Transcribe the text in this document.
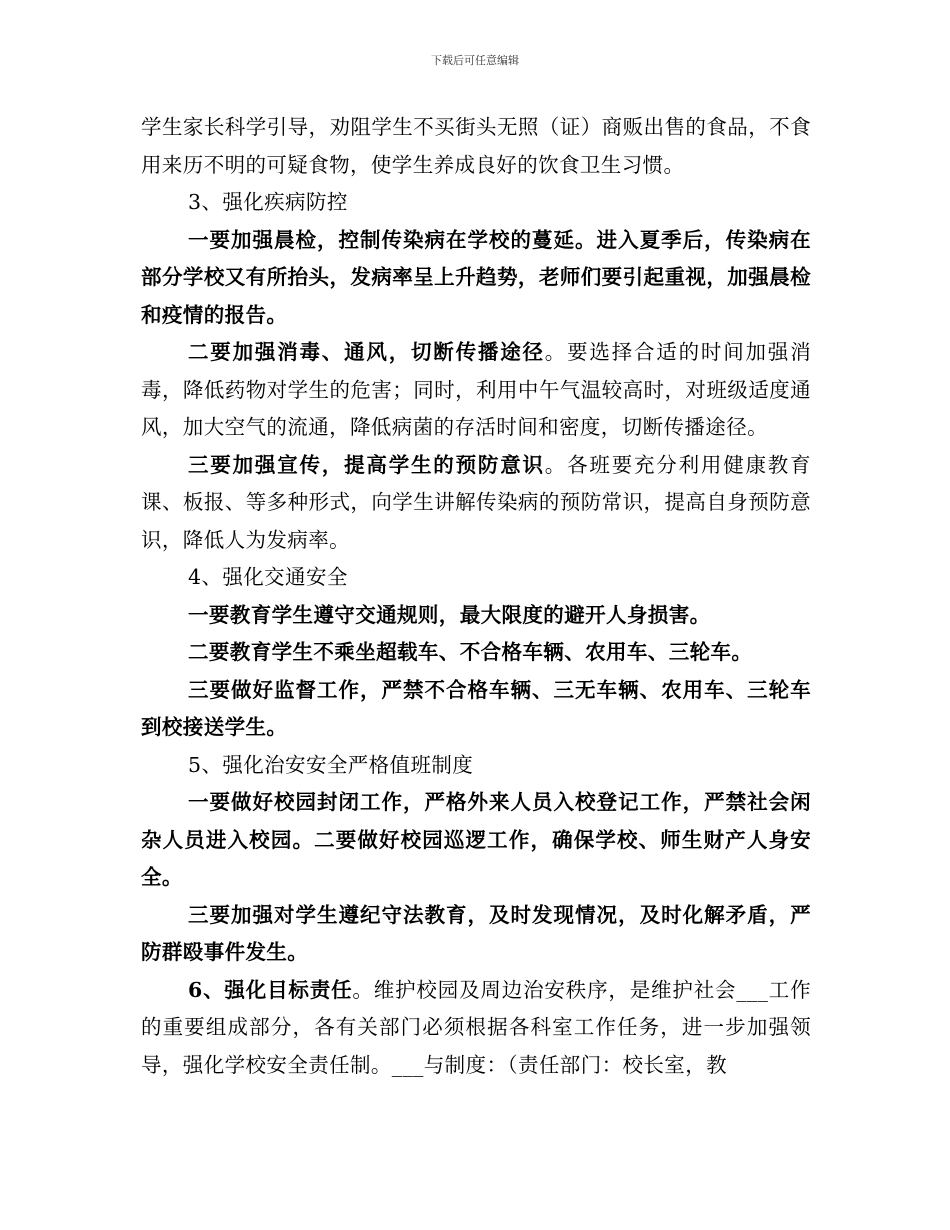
下载后可任意编辑

学生家长科学引导，劝阻学生不买街头无照（证）商贩出售的食品，不食用来历不明的可疑食物，使学生养成良好的饮食卫生习惯。

3、强化疾病防控

一要加强晨检，控制传染病在学校的蔓延。进入夏季后，传染病在部分学校又有所抬头，发病率呈上升趋势，老师们要引起重视，加强晨检和疫情的报告。

二要加强消毒、通风，切断传播途径。要选择合适的时间加强消毒，降低药物对学生的危害；同时，利用中午气温较高时，对班级适度通风，加大空气的流通，降低病菌的存活时间和密度，切断传播途径。

三要加强宣传，提高学生的预防意识。各班要充分利用健康教育课、板报、等多种形式，向学生讲解传染病的预防常识，提高自身预防意识，降低人为发病率。

4、强化交通安全

一要教育学生遵守交通规则，最大限度的避开人身损害。

二要教育学生不乘坐超载车、不合格车辆、农用车、三轮车。

三要做好监督工作，严禁不合格车辆、三无车辆、农用车、三轮车到校接送学生。

5、强化治安安全严格值班制度

一要做好校园封闭工作，严格外来人员入校登记工作，严禁社会闲杂人员进入校园。二要做好校园巡逻工作，确保学校、师生财产人身安全。

三要加强对学生遵纪守法教育，及时发现情况，及时化解矛盾，严防群殴事件发生。

6、强化目标责任。维护校园及周边治安秩序，是维护社会___工作的重要组成部分，各有关部门必须根据各科室工作任务，进一步加强领导，强化学校安全责任制。___与制度：（责任部门：校长室，教
